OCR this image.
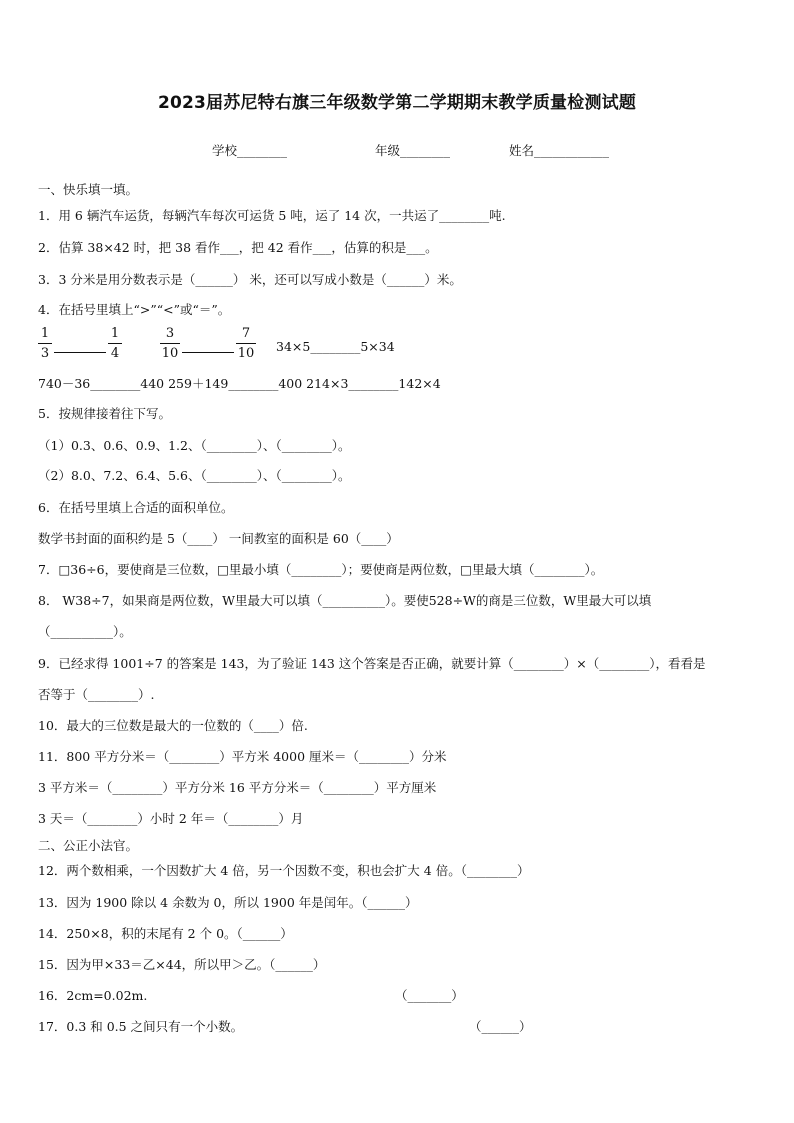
2023届苏尼特右旗三年级数学第二学期期末教学质量检测试题
学校________	年级________	姓名____________
一、快乐填一填。
1．用 6 辆汽车运货，每辆汽车每次可运货 5 吨，运了 14 次，一共运了________吨.
2．估算 38×42 时，把 38 看作___，把 42 看作___，估算的积是___。
3．3 分米是用分数表示是（______） 米，还可以写成小数是（______）米。
4．在括号里填上“>”“<”或“＝”。
1
3
1
4
3
10
7
10 34×5________5×34
740－36________440 259＋149________400 214×3________142×4
5．按规律接着往下写。
（1）0.3、0.6、0.9、1.2、（________）、（________）。
（2）8.0、7.2、6.4、5.6、（________）、（________）。
6．在括号里填上合适的面积单位。
数学书封面的面积约是 5（____） 一间教室的面积是 60（____）
7．□36÷6，要使商是三位数，□里最小填（________）；要使商是两位数，□里最大填（________）。
8． W38÷7，如果商是两位数，W里最大可以填（__________）。要使528÷W的商是三位数，W里最大可以填
（__________）。
9．已经求得 1001÷7 的答案是 143，为了验证 143 这个答案是否正确，就要计算（________）×（________），看看是
否等于（________）.
10．最大的三位数是最大的一位数的（____）倍.
11．800 平方分米＝（________）平方米 4000 厘米＝（________）分米
3 平方米＝（________）平方分米 16 平方分米＝（________）平方厘米
3 天＝（________）小时 2 年＝（________）月
二、公正小法官。
12．两个数相乘，一个因数扩大 4 倍，另一个因数不变，积也会扩大 4 倍。（________）
13．因为 1900 除以 4 余数为 0，所以 1900 年是闰年。（______）
14．250×8，积的末尾有 2 个 0。（______）
15．因为甲×33＝乙×44，所以甲＞乙。（______）
16．2cm=0.02m.	（_______）
17．0.3 和 0.5 之间只有一个小数。	（______）
